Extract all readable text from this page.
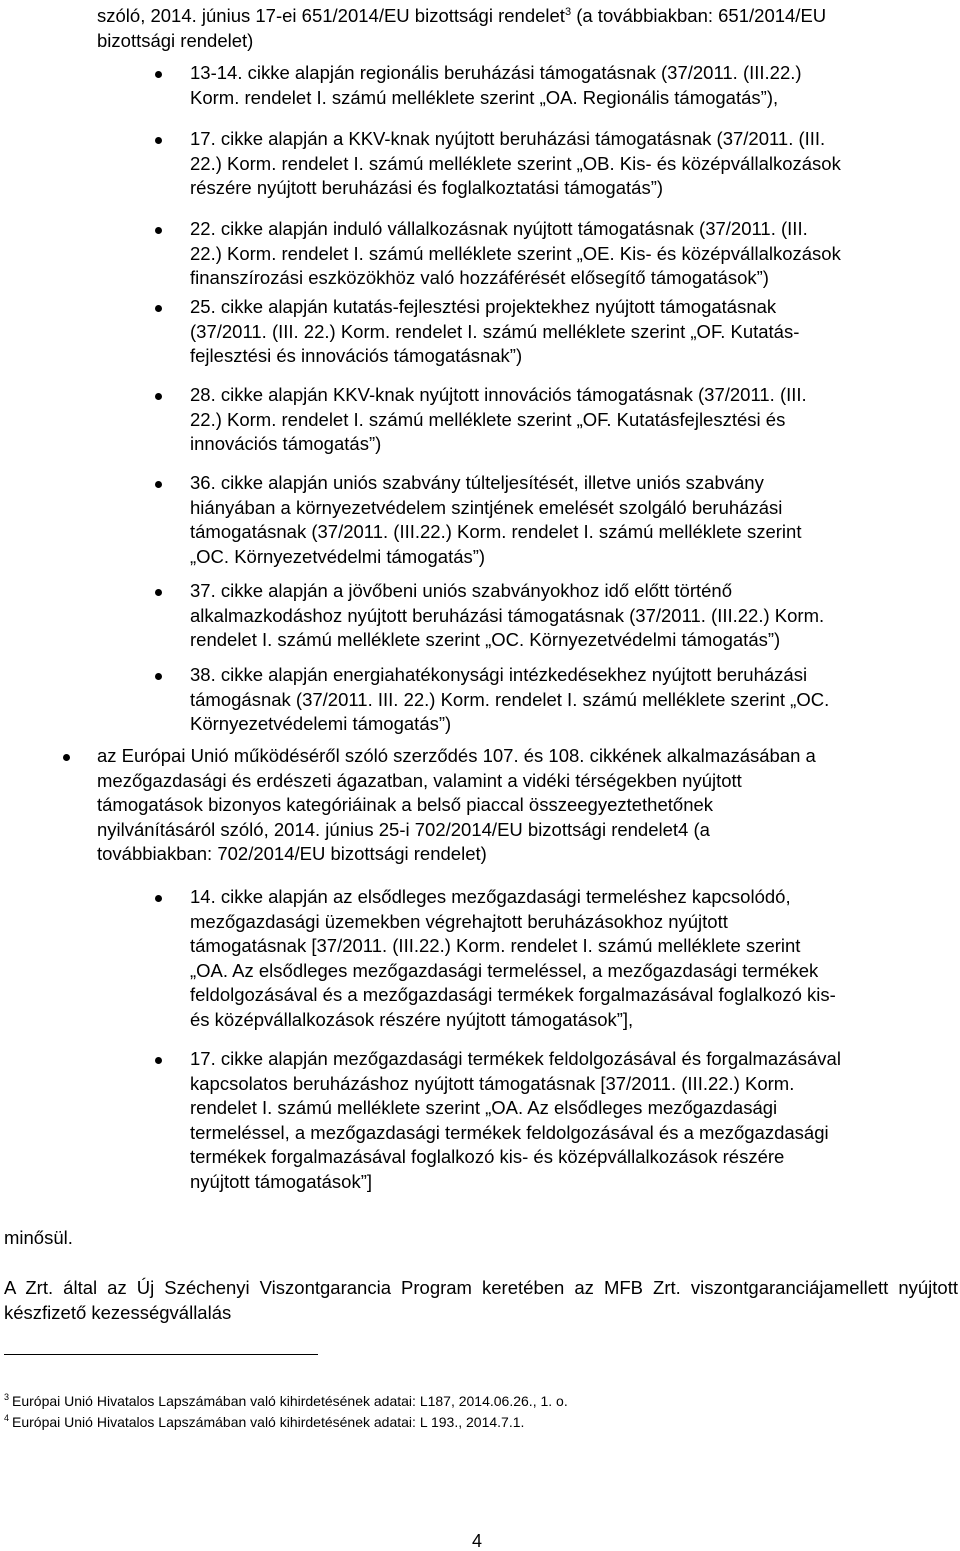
szóló, 2014. június 17-ei 651/2014/EU bizottsági rendelet$^3$ (a továbbiakban: 651/2014/EU
bizottsági rendelet)
13-14. cikke alapján regionális beruházási támogatásnak (37/2011. (III.22.)
Korm. rendelet I. számú melléklete szerint „OA. Regionális támogatás”),
17. cikke alapján a KKV-knak nyújtott beruházási támogatásnak (37/2011. (III.
22.) Korm. rendelet I. számú melléklete szerint „OB. Kis- és középvállalkozások
részére nyújtott beruházási és foglalkoztatási támogatás”)
22. cikke alapján induló vállalkozásnak nyújtott támogatásnak (37/2011. (III.
22.) Korm. rendelet I. számú melléklete szerint „OE. Kis- és középvállalkozások
finanszírozási eszközökhöz való hozzáférését elősegítő támogatások”)
25. cikke alapján kutatás-fejlesztési projektekhez nyújtott támogatásnak
(37/2011. (III. 22.) Korm. rendelet I. számú melléklete szerint „OF. Kutatás-
fejlesztési és innovációs támogatásnak”)
28. cikke alapján KKV-knak nyújtott innovációs támogatásnak (37/2011. (III.
22.) Korm. rendelet I. számú melléklete szerint „OF. Kutatásfejlesztési és
innovációs támogatás”)
36. cikke alapján uniós szabvány túlteljesítését, illetve uniós szabvány
hiányában a környezetvédelem szintjének emelését szolgáló beruházási
támogatásnak (37/2011. (III.22.) Korm. rendelet I. számú melléklete szerint
„OC. Környezetvédelmi támogatás”)
37. cikke alapján a jövőbeni uniós szabványokhoz idő előtt történő
alkalmazkodáshoz nyújtott beruházási támogatásnak (37/2011. (III.22.) Korm.
rendelet I. számú melléklete szerint „OC. Környezetvédelmi támogatás”)
38. cikke alapján energiahatékonysági intézkedésekhez nyújtott beruházási
támogásnak (37/2011. III. 22.) Korm. rendelet I. számú melléklete szerint „OC.
Környezetvédelemi támogatás”)
az Európai Unió működéséről szóló szerződés 107. és 108. cikkének alkalmazásában a
mezőgazdasági és erdészeti ágazatban, valamint a vidéki térségekben nyújtott
támogatások bizonyos kategóriáinak a belső piaccal összeegyeztethetőnek
nyilvánításáról szóló, 2014. június 25-i 702/2014/EU bizottsági rendelet4 (a
továbbiakban: 702/2014/EU bizottsági rendelet)
14. cikke alapján az elsődleges mezőgazdasági termeléshez kapcsolódó,
mezőgazdasági üzemekben végrehajtott beruházásokhoz nyújtott
támogatásnak [37/2011. (III.22.) Korm. rendelet I. számú melléklete szerint
„OA. Az elsődleges mezőgazdasági termeléssel, a mezőgazdasági termékek
feldolgozásával és a mezőgazdasági termékek forgalmazásával foglalkozó kis-
és középvállalkozások részére nyújtott támogatások”],
17. cikke alapján mezőgazdasági termékek feldolgozásával és forgalmazásával
kapcsolatos beruházáshoz nyújtott támogatásnak [37/2011. (III.22.) Korm.
rendelet I. számú melléklete szerint „OA. Az elsődleges mezőgazdasági
termeléssel, a mezőgazdasági termékek feldolgozásával és a mezőgazdasági
termékek forgalmazásával foglalkozó kis- és középvállalkozások részére
nyújtott támogatások”]
minősül.
A Zrt. által az Új Széchenyi Viszontgarancia Program keretében az MFB Zrt. viszontgaranciájamellett nyújtott készfizető kezességvállalás
$^3$ Európai Unió Hivatalos Lapszámában való kihirdetésének adatai: L187, 2014.06.26., 1. o.
$^4$ Európai Unió Hivatalos Lapszámában való kihirdetésének adatai: L 193., 2014.7.1.
4
